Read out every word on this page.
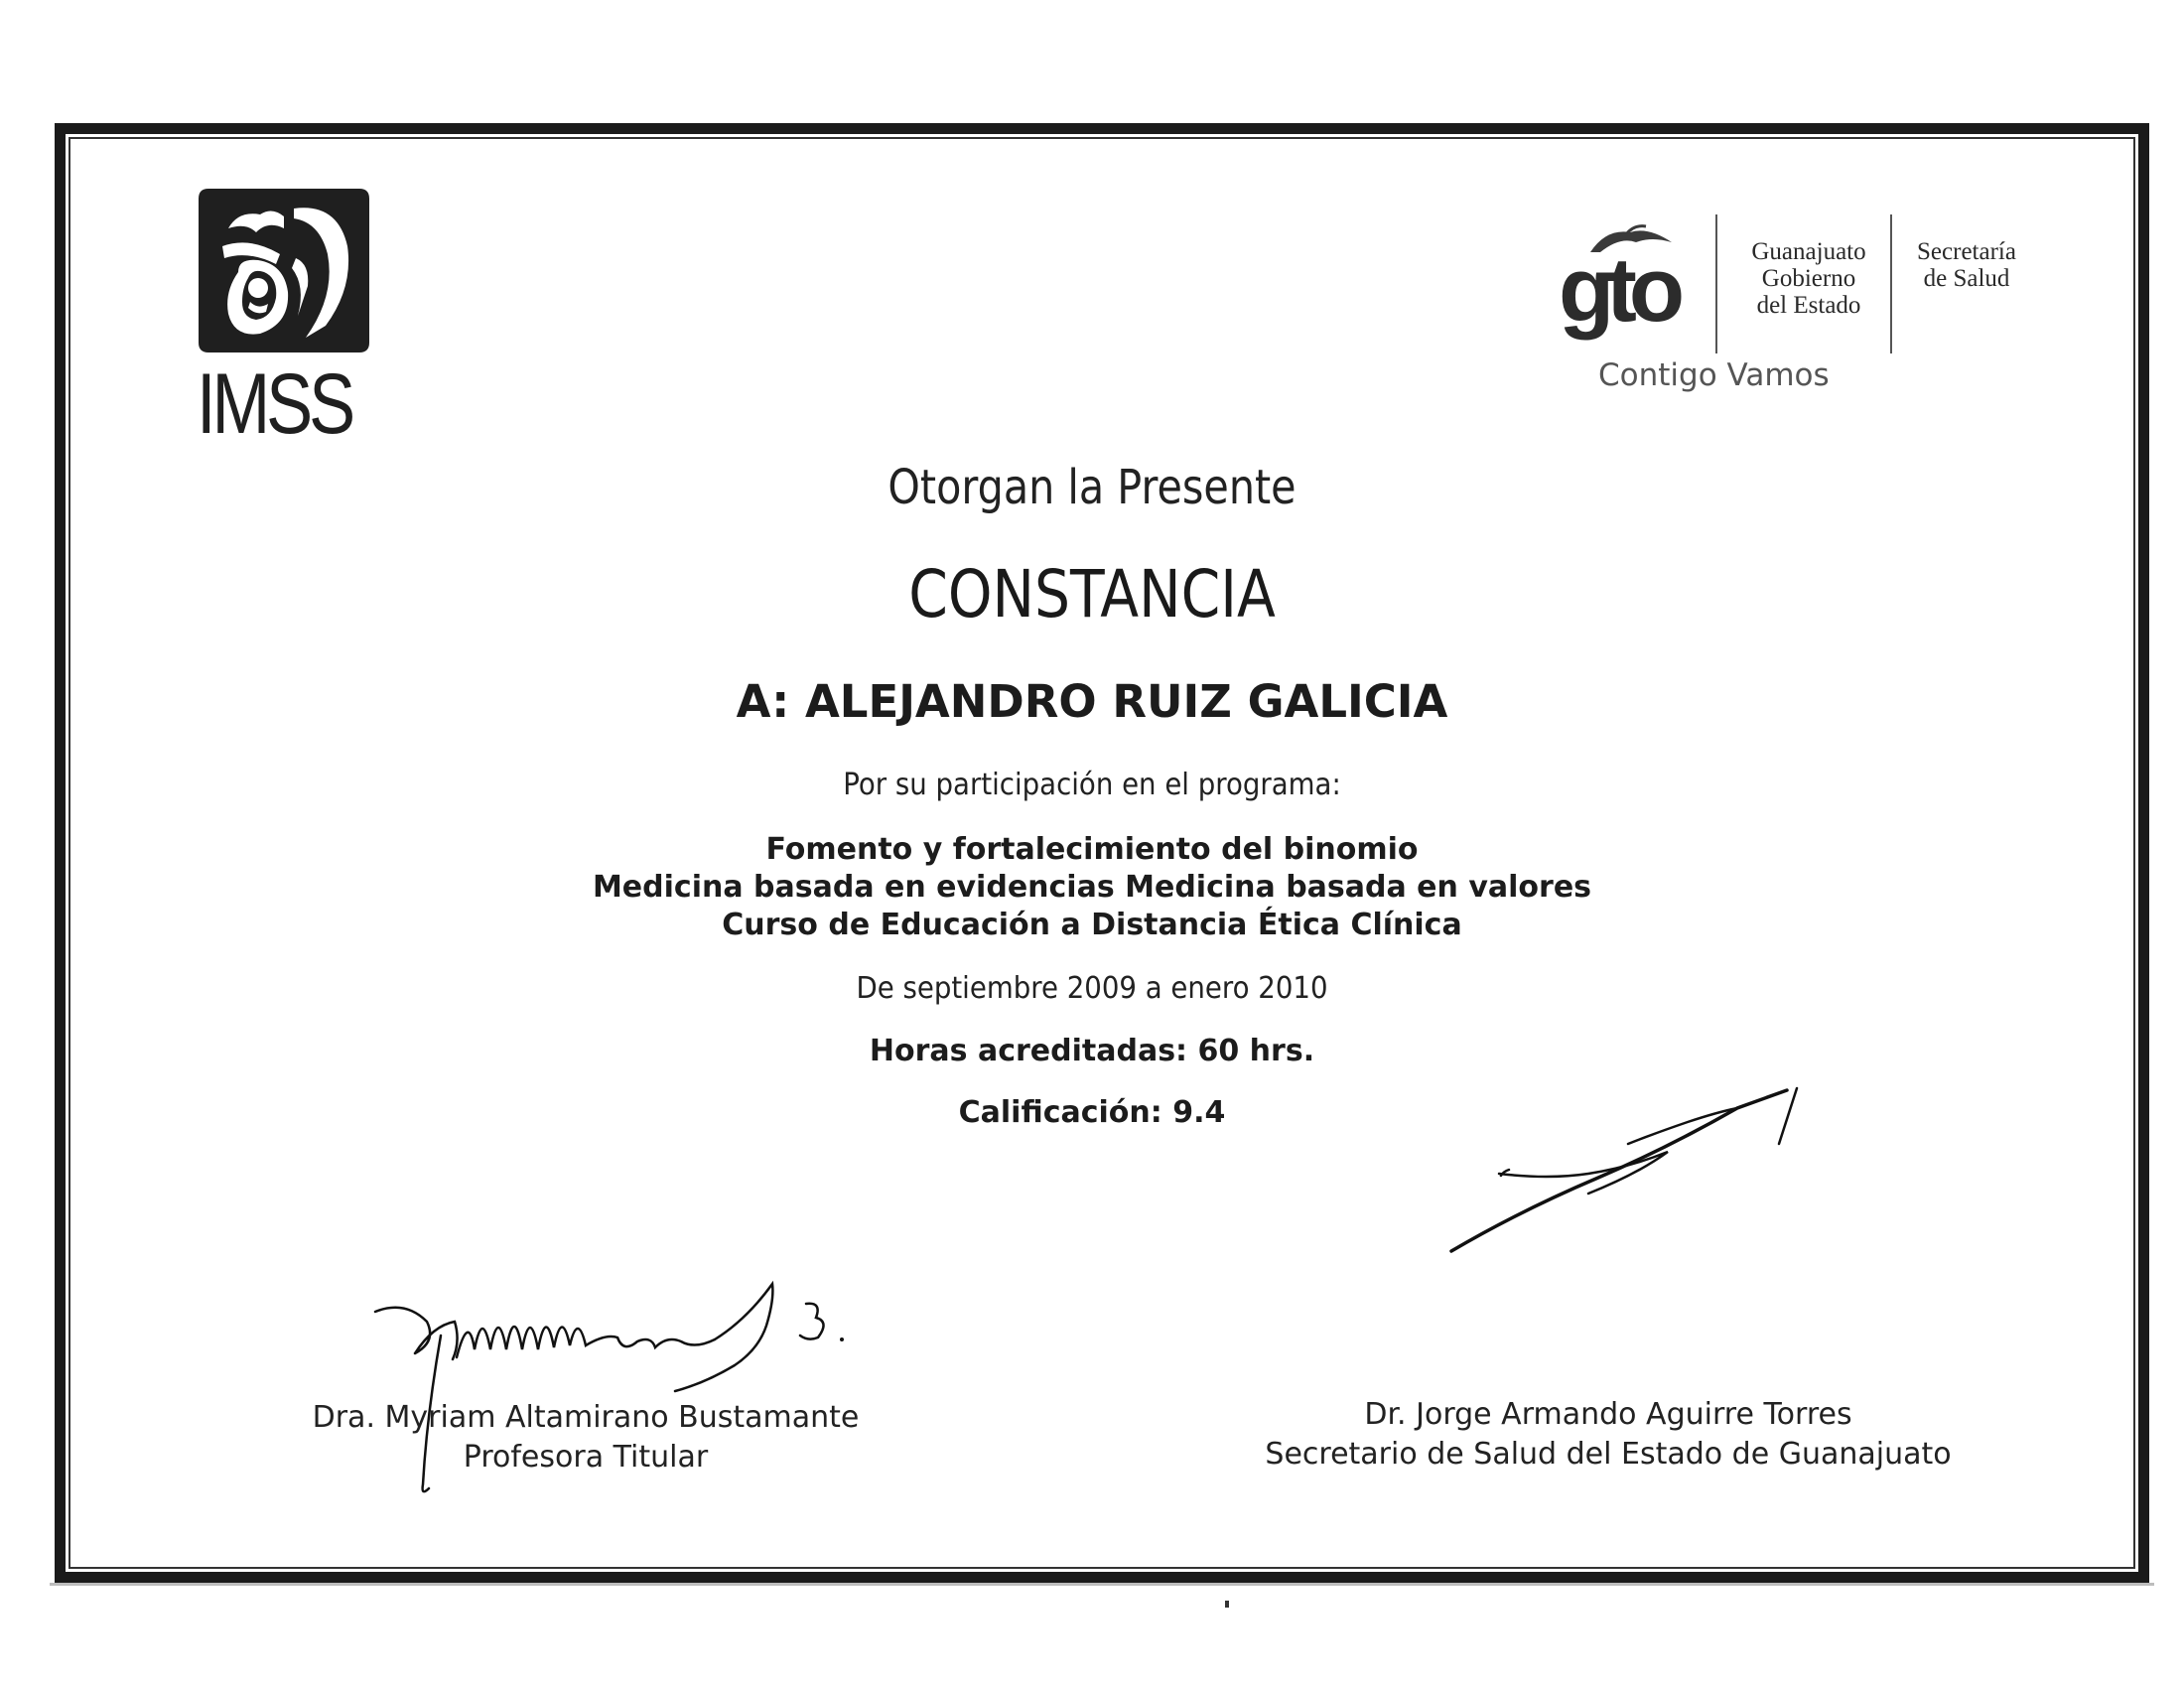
IMSS
gto	Guanajuato
Gobierno
del Estado
Secretaría
de Salud
Contigo Vamos

Otorgan la Presente

CONSTANCIA

A: ALEJANDRO RUIZ GALICIA

Por su participación en el programa:

Fomento y fortalecimiento del binomio

Medicina basada en evidencias Medicina basada en valores

Curso de Educación a Distancia Ética Clínica

De septiembre 2009 a enero 2010

Horas acreditadas: 60 hrs.

Calificación: 9.4

Dra. Myriam Altamirano Bustamante
Profesora Titular
Dr. Jorge Armando Aguirre Torres
Secretario de Salud del Estado de Guanajuato
